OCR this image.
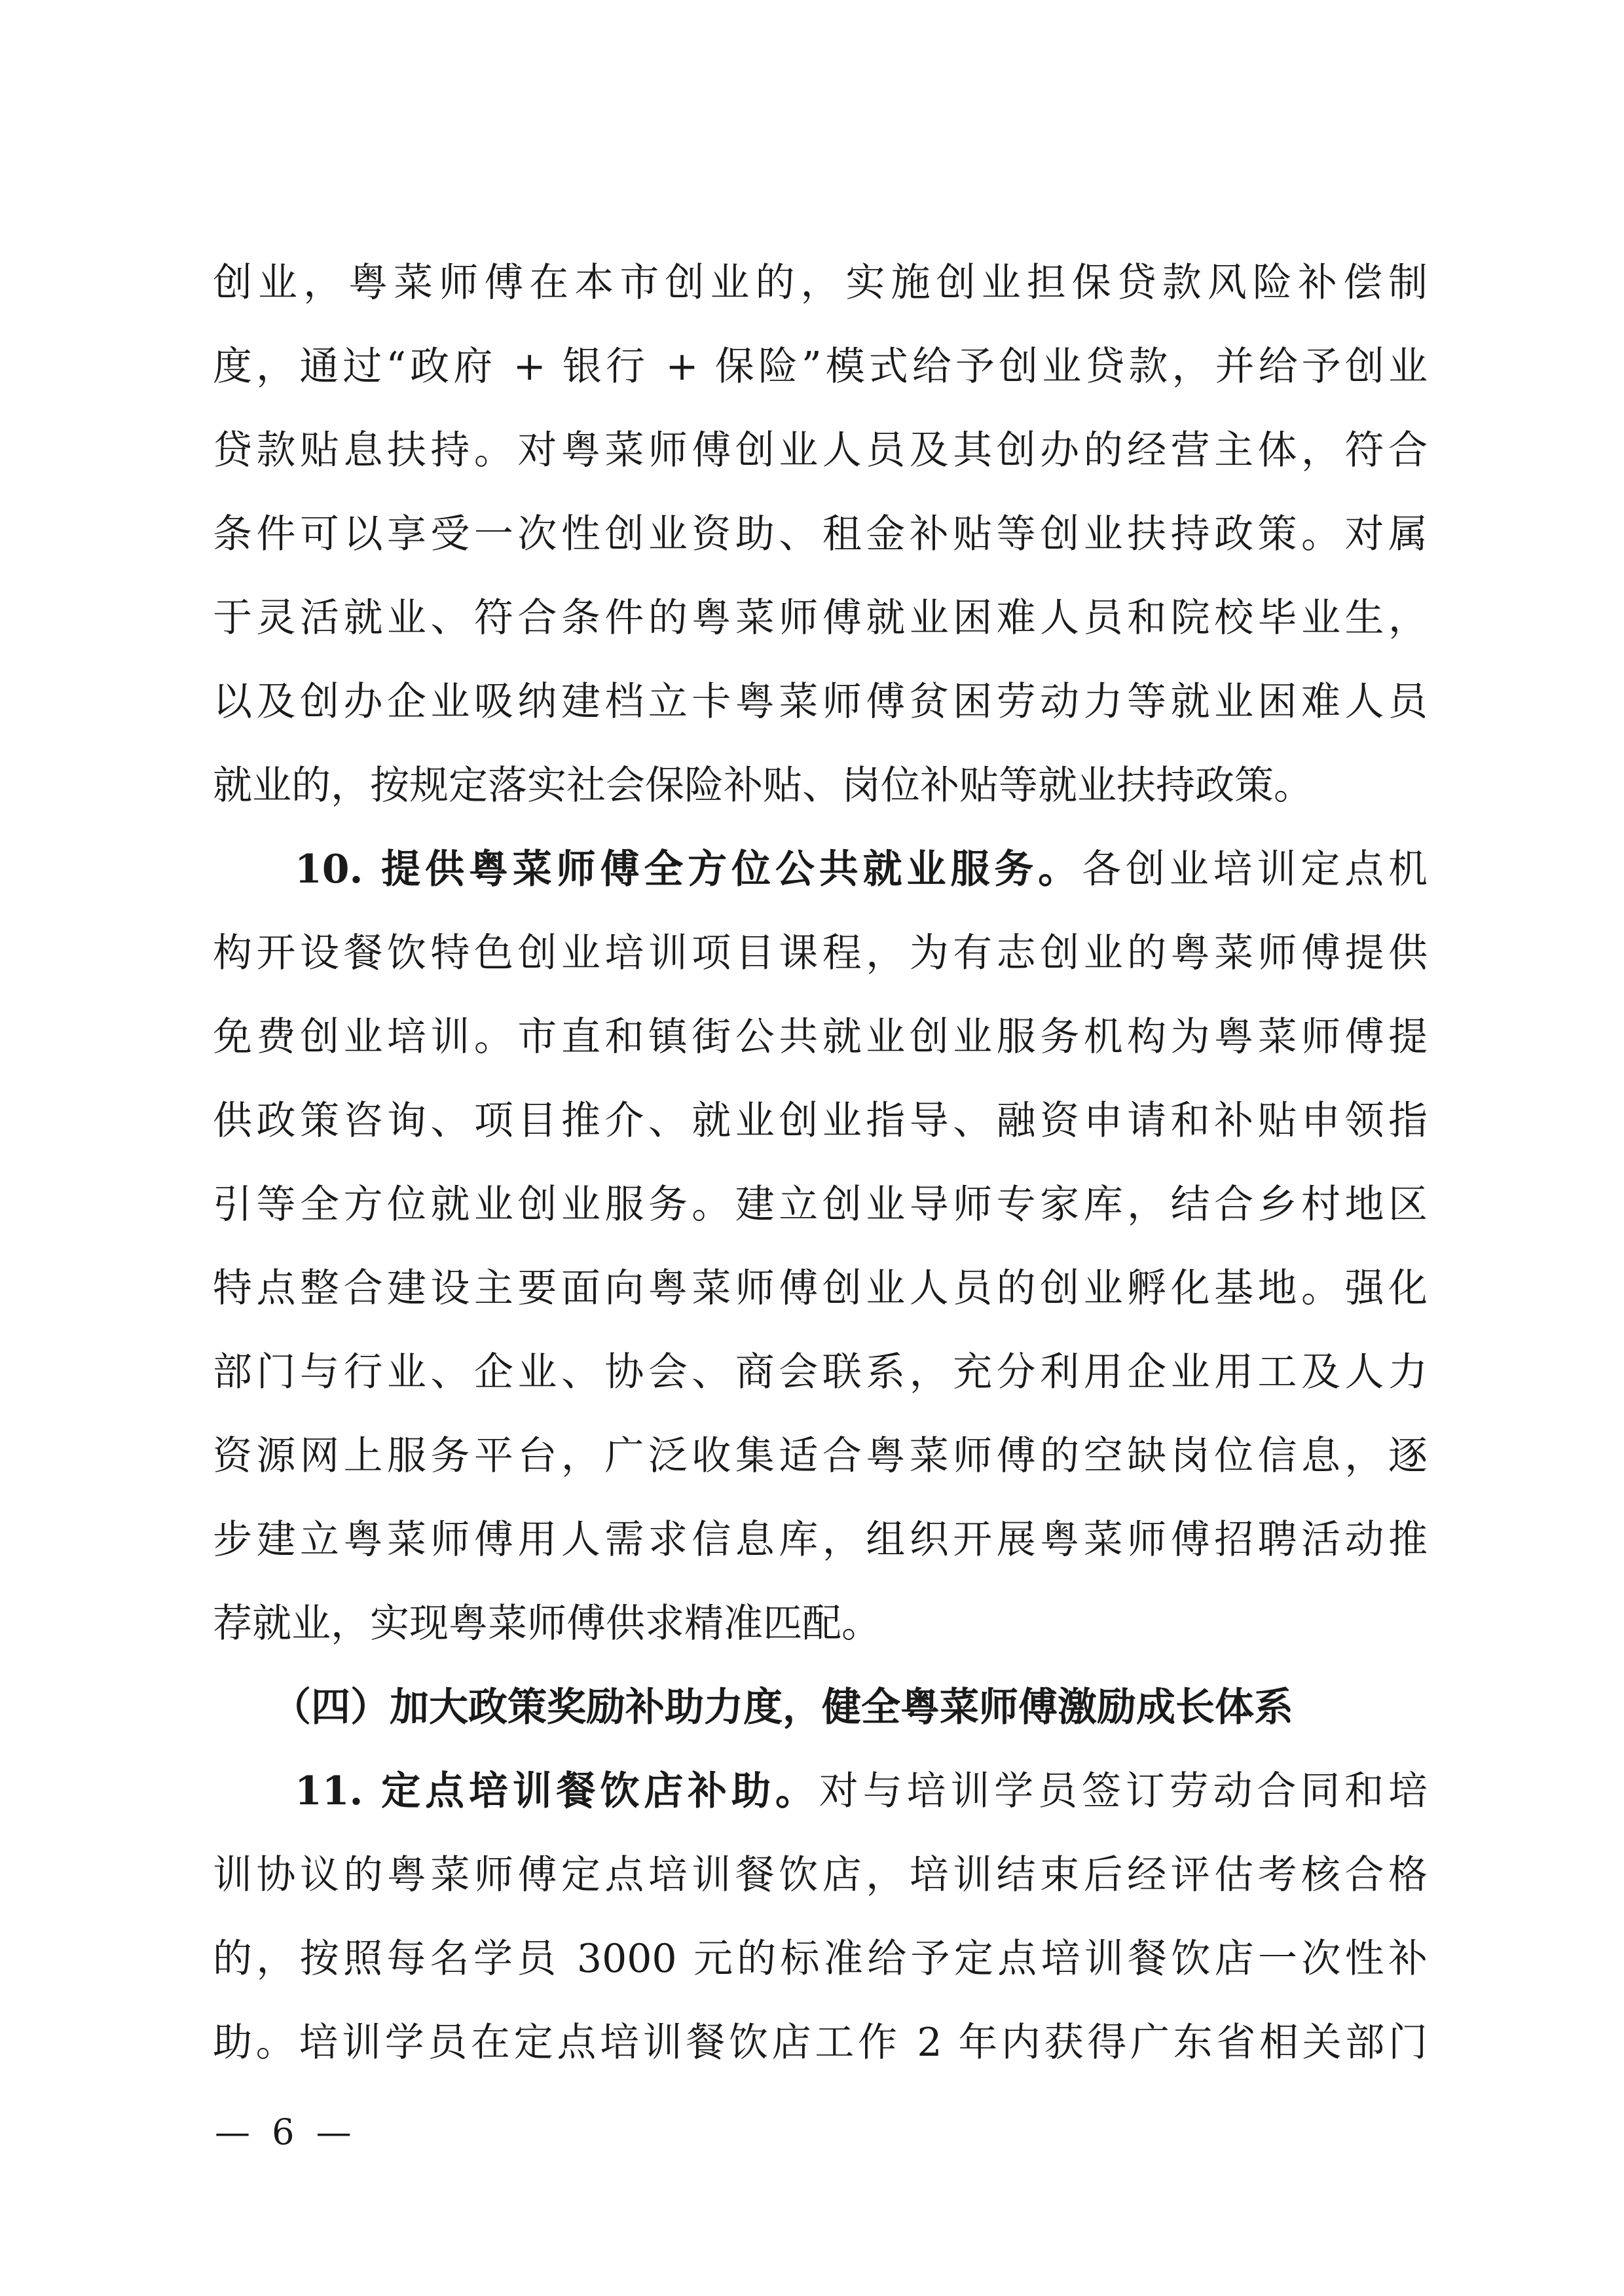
创业，粤菜师傅在本市创业的，实施创业担保贷款风险补偿制
度，通过“政府 + 银行 + 保险”模式给予创业贷款，并给予创业
贷款贴息扶持。对粤菜师傅创业人员及其创办的经营主体，符合
条件可以享受一次性创业资助、租金补贴等创业扶持政策。对属
于灵活就业、符合条件的粤菜师傅就业困难人员和院校毕业生，
以及创办企业吸纳建档立卡粤菜师傅贫困劳动力等就业困难人员
就业的，按规定落实社会保险补贴、岗位补贴等就业扶持政策。
10. 提供粤菜师傅全方位公共就业服务。各创业培训定点机
构开设餐饮特色创业培训项目课程，为有志创业的粤菜师傅提供
免费创业培训。市直和镇街公共就业创业服务机构为粤菜师傅提
供政策咨询、项目推介、就业创业指导、融资申请和补贴申领指
引等全方位就业创业服务。建立创业导师专家库，结合乡村地区
特点整合建设主要面向粤菜师傅创业人员的创业孵化基地。强化
部门与行业、企业、协会、商会联系，充分利用企业用工及人力
资源网上服务平台，广泛收集适合粤菜师傅的空缺岗位信息，逐
步建立粤菜师傅用人需求信息库，组织开展粤菜师傅招聘活动推
荐就业，实现粤菜师傅供求精准匹配。
（四）加大政策奖励补助力度，健全粤菜师傅激励成长体系
11. 定点培训餐饮店补助。对与培训学员签订劳动合同和培
训协议的粤菜师傅定点培训餐饮店，培训结束后经评估考核合格
的，按照每名学员 3000 元的标准给予定点培训餐饮店一次性补
助。培训学员在定点培训餐饮店工作 2 年内获得广东省相关部门
— 6 —
